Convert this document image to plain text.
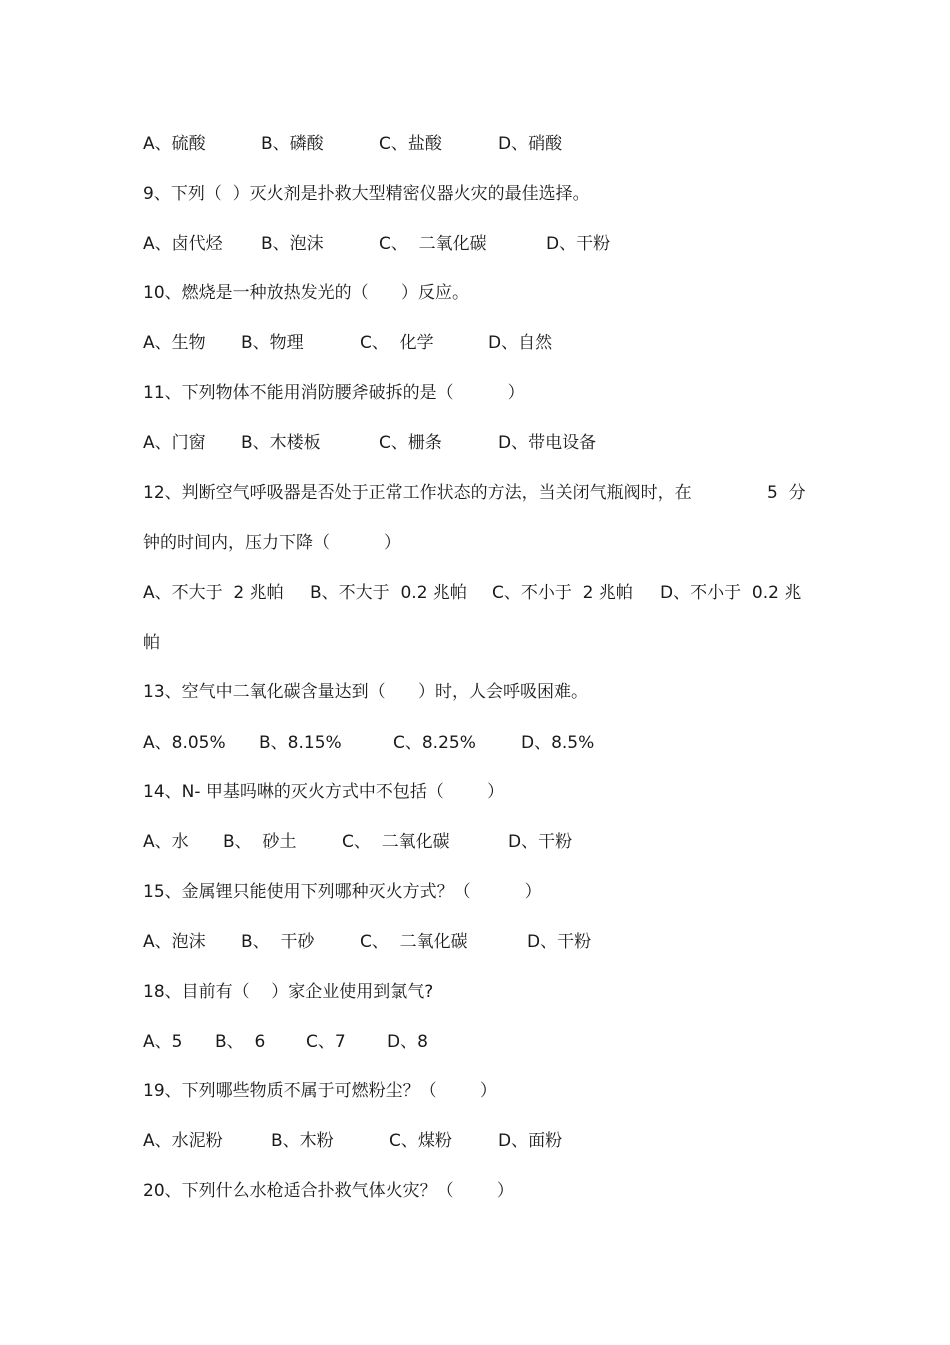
A、硫酸	B、磷酸	C、盐酸	D、硝酸
9、下列（  ）灭火剂是扑救大型精密仪器火灾的最佳选择。
A、卤代烃 B、泡沫	C、  二氧化碳	D、干粉
10、燃烧是一种放热发光的（      ）反应。
A、生物 B、物理	C、  化学	D、自然
11、下列物体不能用消防腰斧破拆的是（          ）
A、门窗 B、木楼板	C、栅条	D、带电设备
12、判断空气呼吸器是否处于正常工作状态的方法，当关闭气瓶阀时，在	5  分
钟的时间内，压力下降（          ）
A、不大于  2 兆帕 B、不大于  0.2 兆帕 C、不小于  2 兆帕 D、不小于  0.2 兆
帕
13、空气中二氧化碳含量达到（      ）时，人会呼吸困难。
A、8.05% B、8.15%	C、8.25%	D、8.5%
14、N- 甲基吗啉的灭火方式中不包括（        ）
A、水 B、  砂土	C、  二氧化碳	D、干粉
15、金属锂只能使用下列哪种灭火方式？（          ）
A、泡沫 B、  干砂	C、  二氧化碳	D、干粉
18、目前有（    ）家企业使用到氯气?
A、5 B、  6 C、7 D、8
19、下列哪些物质不属于可燃粉尘？（        ）
A、水泥粉	B、木粉	C、煤粉	D、面粉
20、下列什么水枪适合扑救气体火灾？（        ）
